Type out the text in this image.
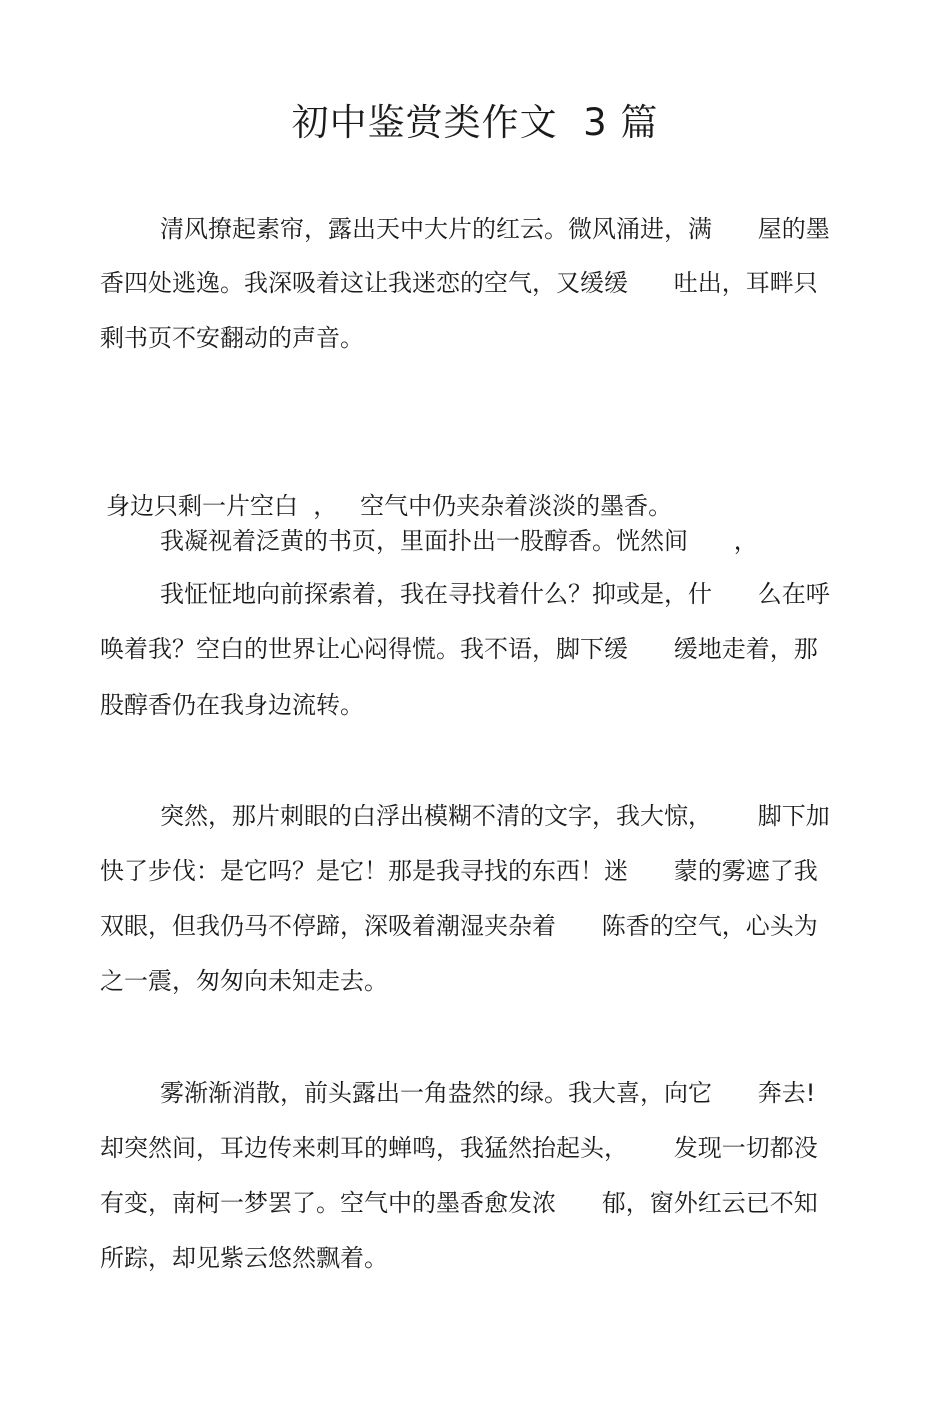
初中鉴赏类作文  3 篇
清风撩起素帘，露出天中大片的红云。微风涌进，满      屋的墨
香四处逃逸。我深吸着这让我迷恋的空气，又缓缓      吐出，耳畔只
剩书页不安翻动的声音。
身边只剩一片空白  ，   空气中仍夹杂着淡淡的墨香。
我凝视着泛黄的书页，里面扑出一股醇香。恍然间      ，
我怔怔地向前探索着，我在寻找着什么？抑或是，什      么在呼
唤着我？空白的世界让心闷得慌。我不语，脚下缓      缓地走着，那
股醇香仍在我身边流转。
突然，那片刺眼的白浮出模糊不清的文字，我大惊，      脚下加
快了步伐：是它吗？是它！那是我寻找的东西！迷      蒙的雾遮了我
双眼，但我仍马不停蹄，深吸着潮湿夹杂着      陈香的空气，心头为
之一震，匆匆向未知走去。
雾渐渐消散，前头露出一角盎然的绿。我大喜，向它      奔去!
却突然间，耳边传来刺耳的蝉鸣，我猛然抬起头，      发现一切都没
有变，南柯一梦罢了。空气中的墨香愈发浓      郁，窗外红云已不知
所踪，却见紫云悠然飘着。
